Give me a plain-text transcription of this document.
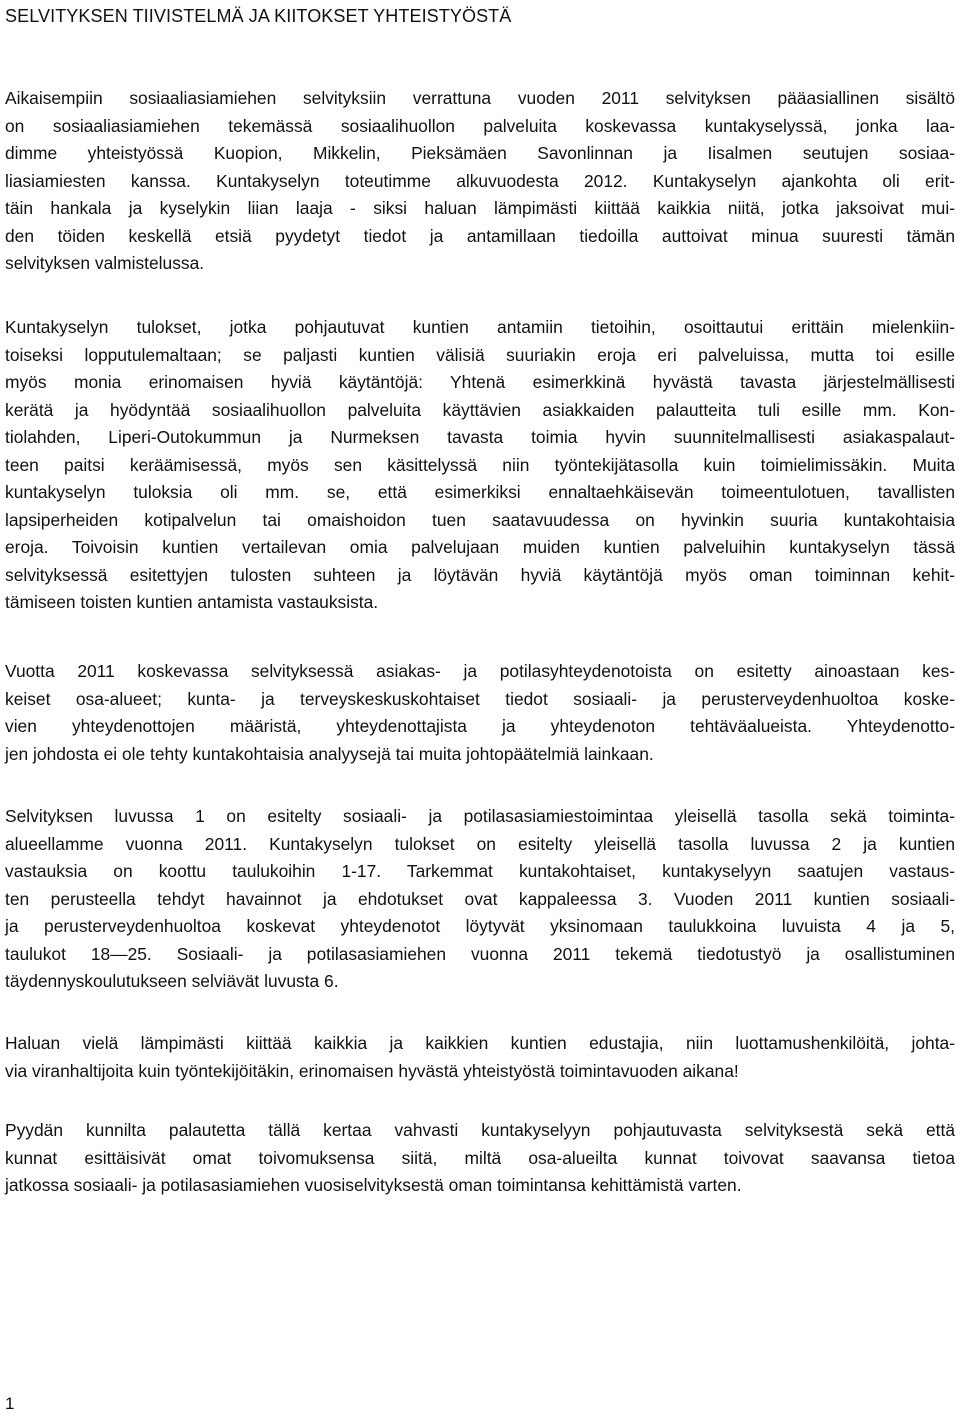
SELVITYKSEN TIIVISTELMÄ JA KIITOKSET YHTEISTYÖSTÄ
Aikaisempiin sosiaaliasiamiehen selvityksiin verrattuna vuoden 2011 selvityksen pääasiallinen sisältö
on sosiaaliasiamiehen tekemässä sosiaalihuollon palveluita koskevassa kuntakyselyssä, jonka laa-
dimme yhteistyössä Kuopion, Mikkelin, Pieksämäen Savonlinnan ja Iisalmen seutujen sosiaa-
liasiamiesten kanssa. Kuntakyselyn toteutimme alkuvuodesta 2012. Kuntakyselyn ajankohta oli erit-
täin hankala ja kyselykin liian laaja - siksi haluan lämpimästi kiittää kaikkia niitä, jotka jaksoivat mui-
den töiden keskellä etsiä pyydetyt tiedot ja antamillaan tiedoilla auttoivat minua suuresti tämän
selvityksen valmistelussa.
Kuntakyselyn tulokset, jotka pohjautuvat kuntien antamiin tietoihin, osoittautui erittäin mielenkiin-
toiseksi lopputulemaltaan; se paljasti kuntien välisiä suuriakin eroja eri palveluissa, mutta toi esille
myös monia erinomaisen hyviä käytäntöjä: Yhtenä esimerkkinä hyvästä tavasta järjestelmällisesti
kerätä ja hyödyntää sosiaalihuollon palveluita käyttävien asiakkaiden palautteita tuli esille mm. Kon-
tiolahden, Liperi-Outokummun ja Nurmeksen tavasta toimia hyvin suunnitelmallisesti asiakaspalaut-
teen paitsi keräämisessä, myös sen käsittelyssä niin työntekijätasolla kuin toimielimissäkin. Muita
kuntakyselyn tuloksia oli mm. se, että esimerkiksi ennaltaehkäisevän toimeentulotuen, tavallisten
lapsiperheiden kotipalvelun tai omaishoidon tuen saatavuudessa on hyvinkin suuria kuntakohtaisia
eroja. Toivoisin kuntien vertailevan omia palvelujaan muiden kuntien palveluihin kuntakyselyn tässä
selvityksessä esitettyjen tulosten suhteen ja löytävän hyviä käytäntöjä myös oman toiminnan kehit-
tämiseen toisten kuntien antamista vastauksista.
Vuotta 2011 koskevassa selvityksessä asiakas- ja potilasyhteydenotoista on esitetty ainoastaan kes-
keiset osa-alueet; kunta- ja terveyskeskuskohtaiset tiedot sosiaali- ja perusterveydenhuoltoa koske-
vien yhteydenottojen määristä, yhteydenottajista ja yhteydenoton tehtäväalueista. Yhteydenotto-
jen johdosta ei ole tehty kuntakohtaisia analyysejä tai muita johtopäätelmiä lainkaan.
Selvityksen luvussa 1 on esitelty sosiaali- ja potilasasiamiestoimintaa yleisellä tasolla sekä toiminta-
alueellamme vuonna 2011. Kuntakyselyn tulokset on esitelty yleisellä tasolla luvussa 2 ja kuntien
vastauksia on koottu taulukoihin 1-17. Tarkemmat kuntakohtaiset, kuntakyselyyn saatujen vastaus-
ten perusteella tehdyt havainnot ja ehdotukset ovat kappaleessa 3. Vuoden 2011 kuntien sosiaali-
ja perusterveydenhuoltoa koskevat yhteydenotot löytyvät yksinomaan taulukkoina luvuista 4 ja 5,
taulukot 18—25. Sosiaali- ja potilasasiamiehen vuonna 2011 tekemä tiedotustyö ja osallistuminen
täydennyskoulutukseen selviävät luvusta 6.
Haluan vielä lämpimästi kiittää kaikkia ja kaikkien kuntien edustajia, niin luottamushenkilöitä, johta-
via viranhaltijoita kuin työntekijöitäkin, erinomaisen hyvästä yhteistyöstä toimintavuoden aikana!
Pyydän kunnilta palautetta tällä kertaa vahvasti kuntakyselyyn pohjautuvasta selvityksestä sekä että
kunnat esittäisivät omat toivomuksensa siitä, miltä osa-alueilta kunnat toivovat saavansa tietoa
jatkossa sosiaali- ja potilasasiamiehen vuosiselvityksestä oman toimintansa kehittämistä varten.
1
